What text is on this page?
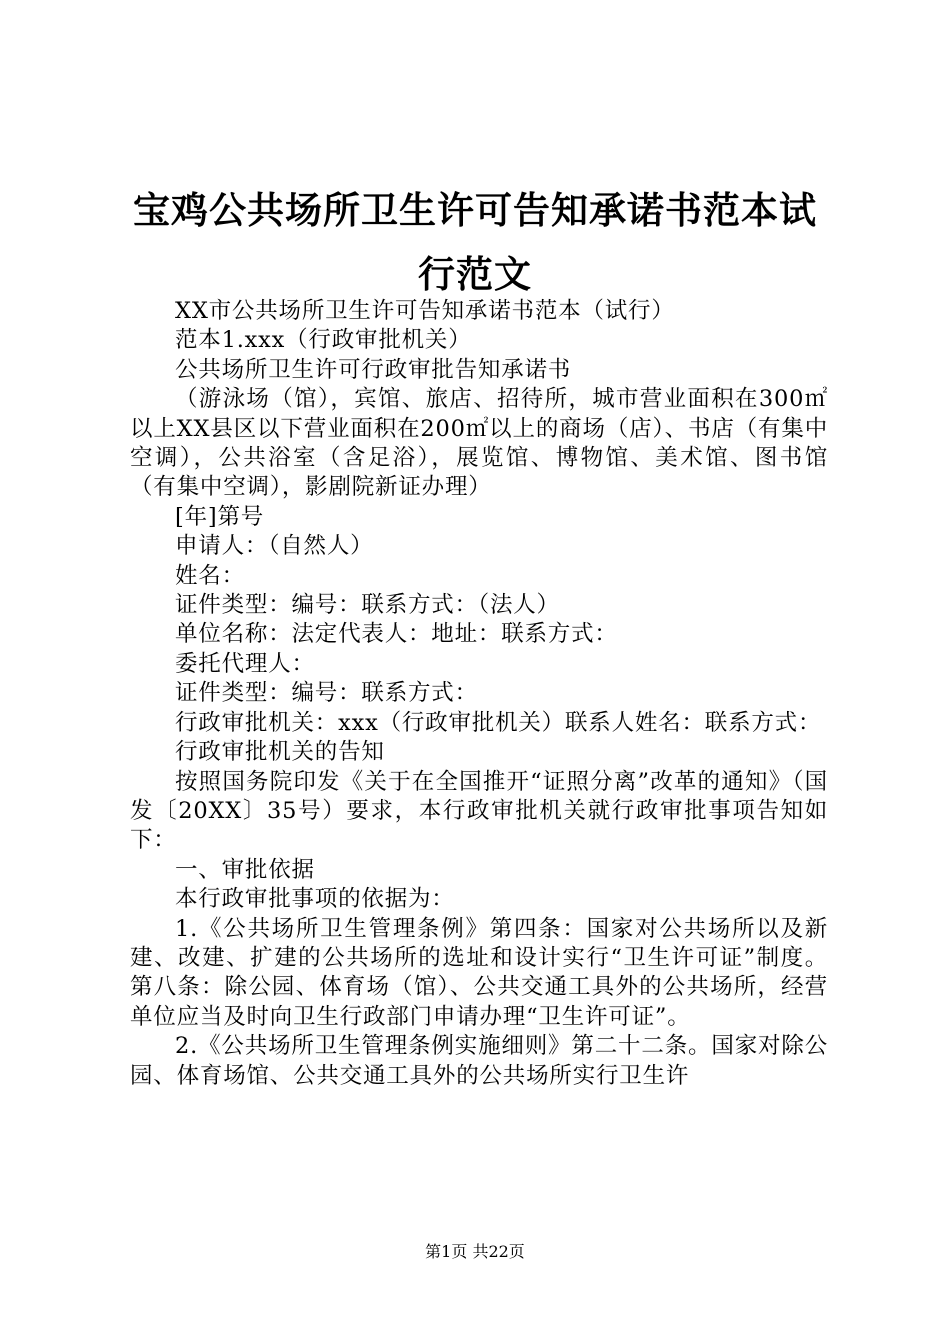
宝鸡公共场所卫生许可告知承诺书范本试行范文

XX市公共场所卫生许可告知承诺书范本（试行）

范本1.xxx（行政审批机关）

公共场所卫生许可行政审批告知承诺书

（游泳场（馆），宾馆、旅店、招待所，城市营业面积在300㎡以上XX县区以下营业面积在200㎡以上的商场（店）、书店（有集中空调），公共浴室（含足浴），展览馆、博物馆、美术馆、图书馆（有集中空调），影剧院新证办理）

[年]第号

申请人：（自然人）

姓名：

证件类型：编号：联系方式：（法人）

单位名称：法定代表人：地址：联系方式：

委托代理人：

证件类型：编号：联系方式：

行政审批机关：xxx（行政审批机关）联系人姓名：联系方式：

行政审批机关的告知

按照国务院印发《关于在全国推开“证照分离”改革的通知》（国发〔20XX〕35号）要求，本行政审批机关就行政审批事项告知如下：

一、审批依据

本行政审批事项的依据为：

1.《公共场所卫生管理条例》第四条：国家对公共场所以及新建、改建、扩建的公共场所的选址和设计实行“卫生许可证”制度。第八条：除公园、体育场（馆）、公共交通工具外的公共场所，经营单位应当及时向卫生行政部门申请办理“卫生许可证”。

2.《公共场所卫生管理条例实施细则》第二十二条。国家对除公园、体育场馆、公共交通工具外的公共场所实行卫生许

第1页 共22页
